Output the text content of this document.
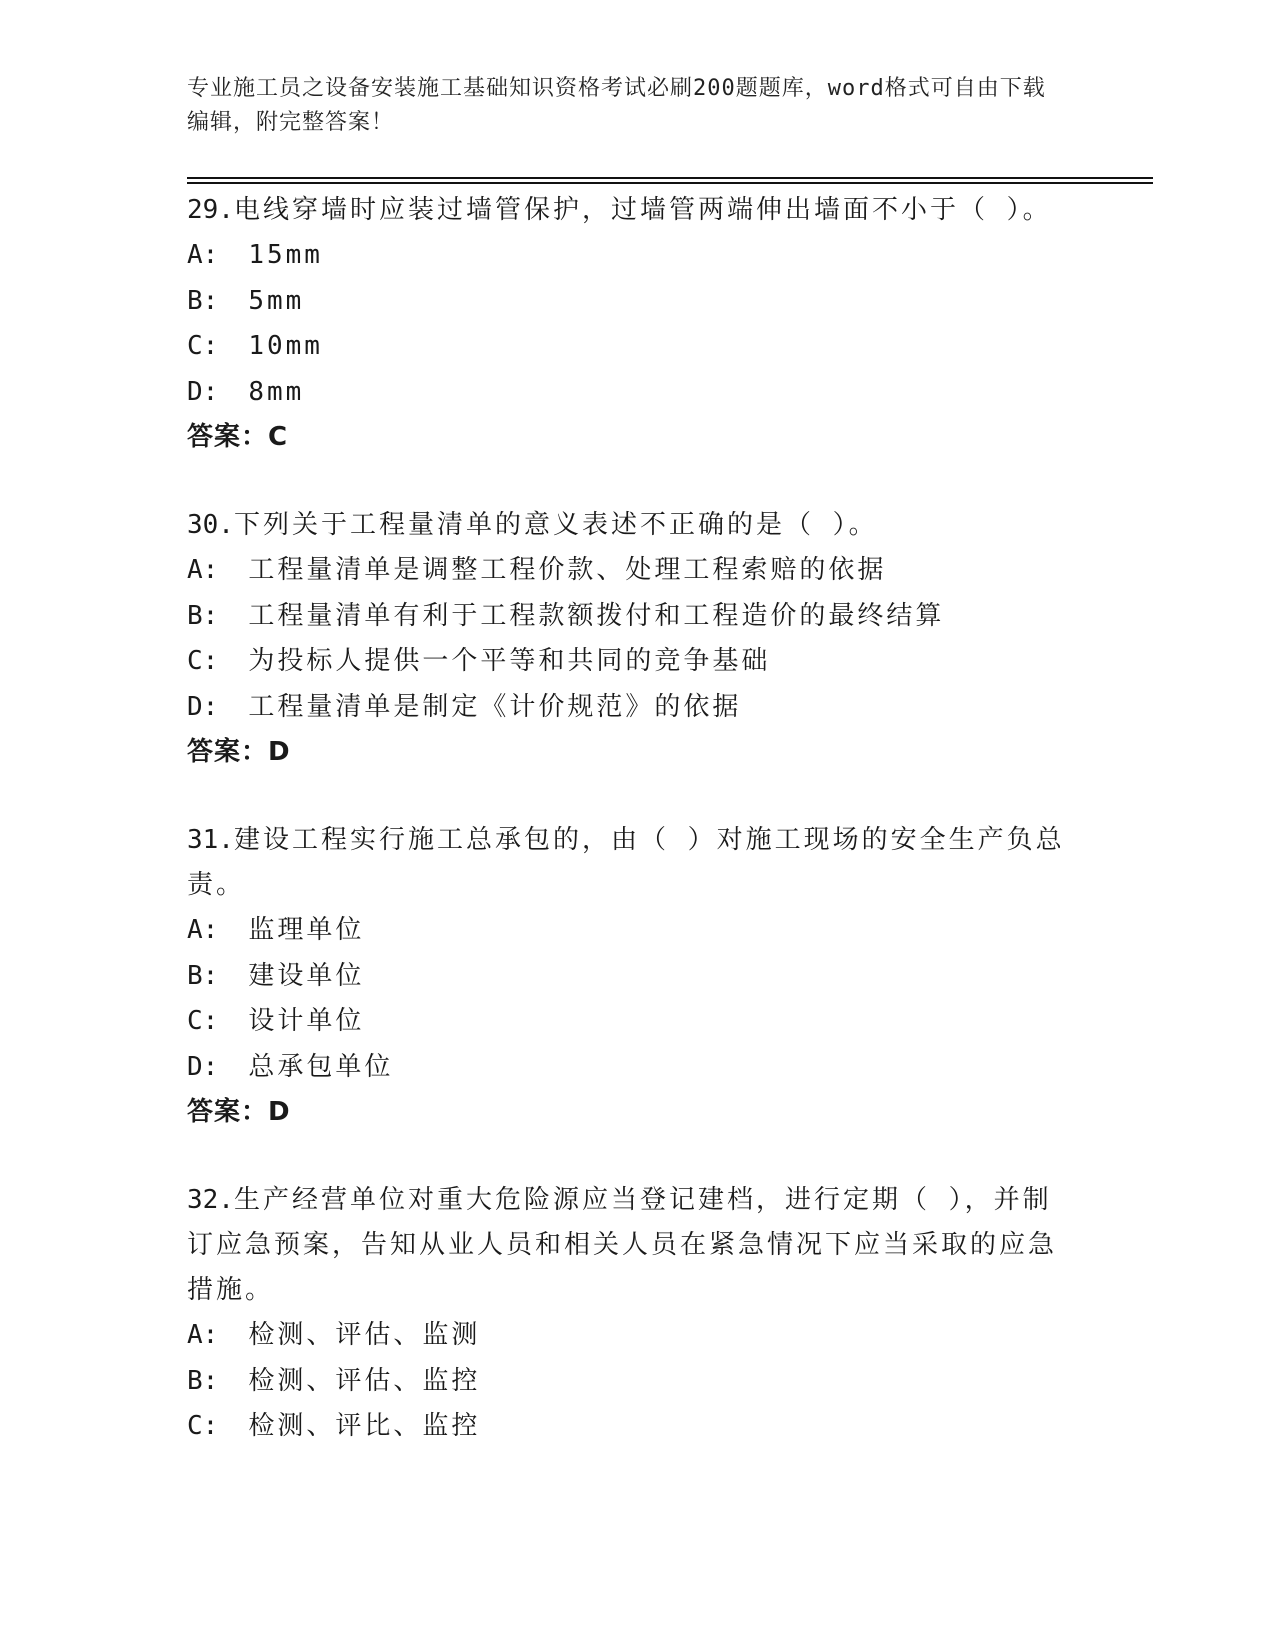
专业施工员之设备安装施工基础知识资格考试必刷200题题库，word格式可自由下载编辑，附完整答案！
29.电线穿墙时应装过墙管保护，过墙管两端伸出墙面不小于（ ）。
A: 15mm
B: 5mm
C: 10mm
D: 8mm
答案：C
30.下列关于工程量清单的意义表述不正确的是（ ）。
A: 工程量清单是调整工程价款、处理工程索赔的依据
B: 工程量清单有利于工程款额拨付和工程造价的最终结算
C: 为投标人提供一个平等和共同的竞争基础
D: 工程量清单是制定《计价规范》的依据
答案：D
31.建设工程实行施工总承包的，由（ ）对施工现场的安全生产负总责。
A: 监理单位
B: 建设单位
C: 设计单位
D: 总承包单位
答案：D
32.生产经营单位对重大危险源应当登记建档，进行定期（ ），并制订应急预案，告知从业人员和相关人员在紧急情况下应当采取的应急措施。
A: 检测、评估、监测
B: 检测、评估、监控
C: 检测、评比、监控
